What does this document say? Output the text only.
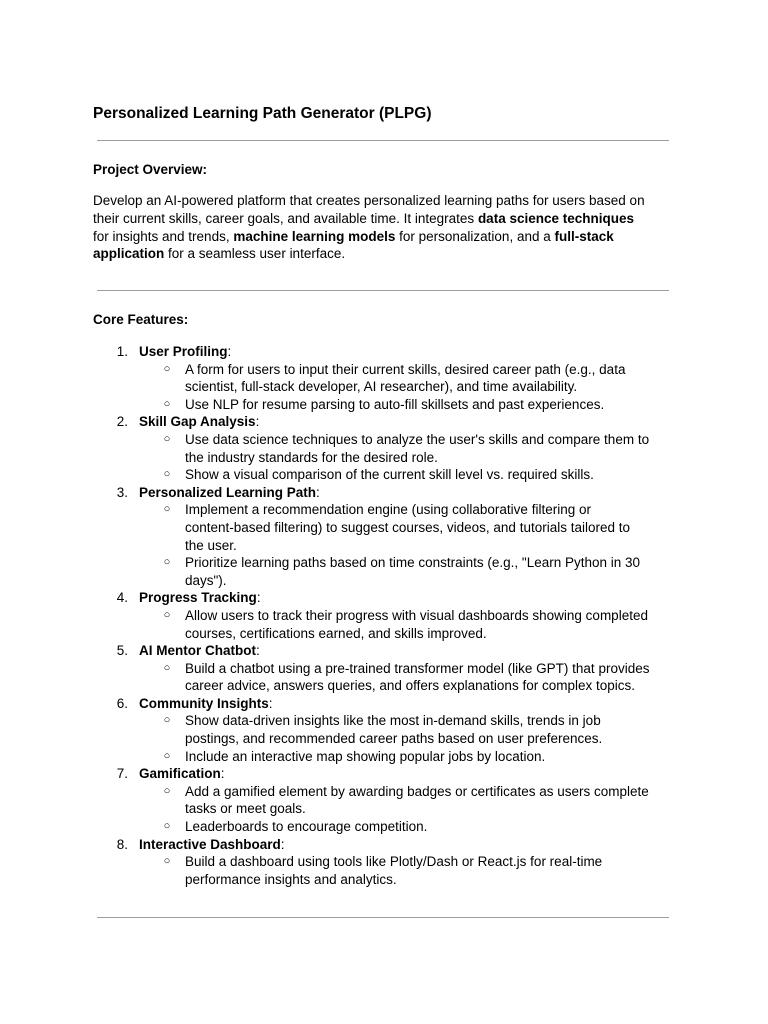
Personalized Learning Path Generator (PLPG)
Project Overview:

Develop an AI-powered platform that creates personalized learning paths for users based on
their current skills, career goals, and available time. It integrates data science techniques
for insights and trends, machine learning models for personalization, and a full-stack
application for a seamless user interface.

Core Features:
1. User Profiling:
○ A form for users to input their current skills, desired career path (e.g., data
scientist, full-stack developer, AI researcher), and time availability.
○ Use NLP for resume parsing to auto-fill skillsets and past experiences.
2. Skill Gap Analysis:
○ Use data science techniques to analyze the user's skills and compare them to
the industry standards for the desired role.
○ Show a visual comparison of the current skill level vs. required skills.
3. Personalized Learning Path:
○ Implement a recommendation engine (using collaborative filtering or
content-based filtering) to suggest courses, videos, and tutorials tailored to
the user.
○ Prioritize learning paths based on time constraints (e.g., "Learn Python in 30
days").
4. Progress Tracking:
○ Allow users to track their progress with visual dashboards showing completed
courses, certifications earned, and skills improved.
5. AI Mentor Chatbot:
○ Build a chatbot using a pre-trained transformer model (like GPT) that provides
career advice, answers queries, and offers explanations for complex topics.
6. Community Insights:
○ Show data-driven insights like the most in-demand skills, trends in job
postings, and recommended career paths based on user preferences.
○ Include an interactive map showing popular jobs by location.
7. Gamification:
○ Add a gamified element by awarding badges or certificates as users complete
tasks or meet goals.
○ Leaderboards to encourage competition.
8. Interactive Dashboard:
○ Build a dashboard using tools like Plotly/Dash or React.js for real-time
performance insights and analytics.
